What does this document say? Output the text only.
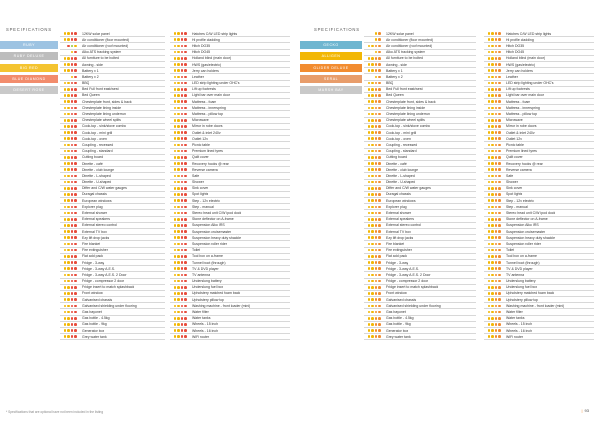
SPECIFICATIONS
RUBY
RUBY DELUXE
BIG RED
BLUE DIAMOND
DESERT ROSE
12KW solar panel
Air conditioner (floor mounted)
Air conditioner (roof mounted)
Alko ATS tracking system
All furniture to be bolted
Awning - side
Battery x 1
Battery x 2
BBQ
Bed Full front east/west
Bed Queen
Chesterplate front, sides & back
Chesterplate lining inside
Chesterplate lining underrun
Chesterplate wheel splits
Cook-top - sink/stove combo
Cook-top - mini grill
Cook-top - oven
Coupling - recessed
Coupling - standard
Cutting board
Dinette - café
Dinette - club lounge
Dinette - L-shaped
Dinette - U-shaped
Differ and C/W water gauges
Duragal chassis
European windows
Explorer plug
External shower
External speakers
External stereo control
External TV box
Ezy lift drop jacks
Fire blanket
Fire extinguisher
Flat add pack
Fridge - 3-way
Fridge - 3-way A.E.S.
Fridge - 3-way A.E.S. 2 Door
Fridge - compressor 2 door
Fridge insert to match splashback
Front window
Galvanised chassis
Galvanised shielding under flooring
Gas bayonet
Gas bottle - 4.5kg
Gas bottle - 9kg
Generator box
Grey water tank
Hatches C/W LED strip lights
Hi profile cladding
Hitch DO35
Hitch DO45
Holland blind (main door)
HWS (gas/electric)
Jerry can holders
Leather
LED strip lighting under OHC's
Lift up footrests
Light bar over main door
Mattress - foam
Mattress - innerspring
Mattress - pillow top
Microwave
Mirror in robe doors
Outlet & inlet 240v
Outlet 12v
Picnic table
Premium lined tyres
Quilt cover
Recovery hooks @ rear
Reverse camera
Safe
Shower
Sink cover
Spot lights
Step - 12v electric
Step - manual
Stereo head unit C/W ipod dock
Stone deflector on A-frame
Suspension Alko IRS
Suspension cruisemaster
Suspension heavy duty shackle
Suspension roller rider
Toilet
Tool box on a-frame
Tunnel boot (through)
TV & DVD player
TV antenna
Underslung battery
Underslung fuel box
Upholstery matched foam back
Upholstery pillow top
Washing machine - front loader (mini)
Water filter
Water tanks
Wheels - 15 inch
Wheels - 16 inch
WiFi router
* Specifications that are optional have not been included in the listing
SPECIFICATIONS
GECKO
ALLIGEN
GLIDER DELUXE
SERAL
MARSH BAY
12KW solar panel
Air conditioner (floor mounted)
Air conditioner (roof mounted)
Alko ATS tracking system
All furniture to be bolted
Awning - side
Battery x 1
Battery x 2
BBQ
Bed Full front east/west
Bed Queen
Chesterplate front, sides & back
Chesterplate lining inside
Chesterplate lining underrun
Chesterplate wheel splits
Cook-top - sink/stove combo
Cook-top - mini grill
Cook-top - oven
Coupling - recessed
Coupling - standard
Cutting board
Dinette - café
Dinette - club lounge
Dinette - L-shaped
Dinette - U-shaped
Differ and C/W water gauges
Duragal chassis
European windows
Explorer plug
External shower
External speakers
External stereo control
External TV box
Ezy lift drop jacks
Fire blanket
Fire extinguisher
Flat add pack
Fridge - 3-way
Fridge - 3-way A.E.S.
Fridge - 3-way A.E.S. 2 Door
Fridge - compressor 2 door
Fridge insert to match splashback
Front window
Galvanised chassis
Galvanised shielding under flooring
Gas bayonet
Gas bottle - 4.5kg
Gas bottle - 9kg
Generator box
Grey water tank
Hatches C/W LED strip lights
Hi profile cladding
Hitch DO35
Hitch DO45
Holland blind (main door)
HWS (gas/electric)
Jerry can holders
Leather
LED strip lighting under OHC's
Lift up footrests
Light bar over main door
Mattress - foam
Mattress - innerspring
Mattress - pillow top
Microwave
Mirror in robe doors
Outlet & inlet 240v
Outlet 12v
Picnic table
Premium lined tyres
Quilt cover
Recovery hooks @ rear
Reverse camera
Safe
Shower
Sink cover
Spot lights
Step - 12v electric
Step - manual
Stereo head unit C/W ipod dock
Stone deflector on A-frame
Suspension Alko IRS
Suspension cruisemaster
Suspension heavy duty shackle
Suspension roller rider
Toilet
Tool box on a-frame
Tunnel boot (through)
TV & DVD player
TV antenna
Underslung battery
Underslung fuel box
Upholstery matched foam back
Upholstery pillow top
Washing machine - front loader (mini)
Water filter
Water tanks
Wheels - 15 inch
Wheels - 16 inch
WiFi router
| 93
